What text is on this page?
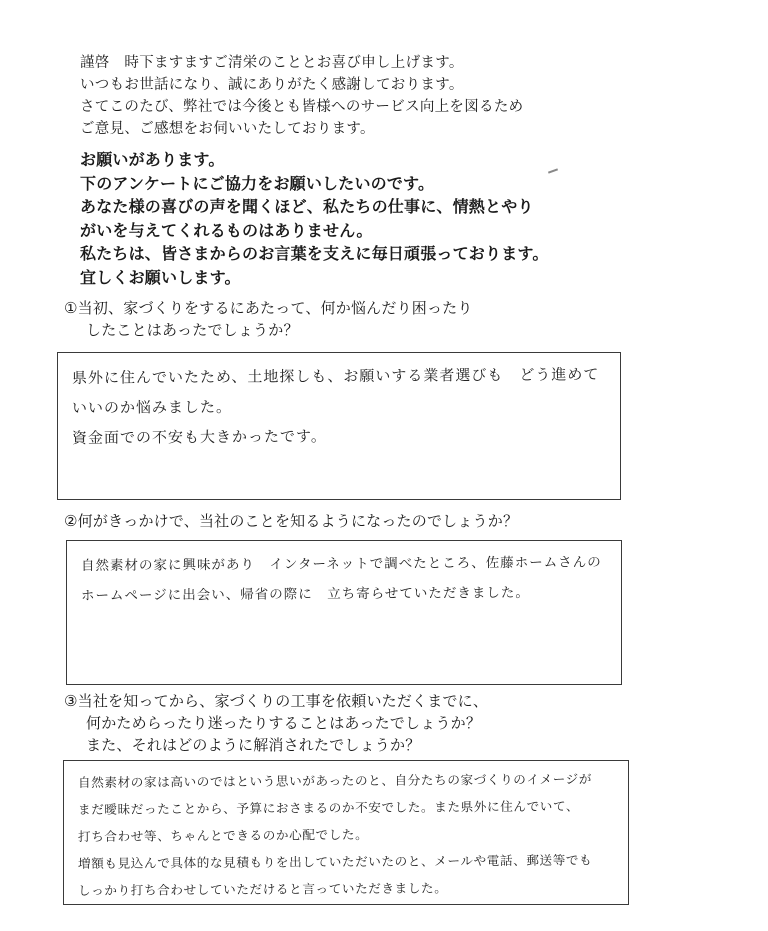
謹啓　時下ますますご清栄のこととお喜び申し上げます。

いつもお世話になり、誠にありがたく感謝しております。

さてこのたび、弊社では今後とも皆様へのサービス向上を図るため

ご意見、ご感想をお伺いいたしております。

お願いがあります。

下のアンケートにご協力をお願いしたいのです。

あなた様の喜びの声を聞くほど、私たちの仕事に、情熱とやり

がいを与えてくれるものはありません。

私たちは、皆さまからのお言葉を支えに毎日頑張っております。

宜しくお願いします。

①当初、家づくりをするにあたって、何か悩んだり困ったり

したことはあったでしょうか？

県外に住んでいたため、土地探しも、お願いする業者選びも　どう進めて

いいのか悩みました。

資金面での不安も大きかったです。

②何がきっかけで、当社のことを知るようになったのでしょうか？

自然素材の家に興味があり　インターネットで調べたところ、佐藤ホームさんの

ホームページに出会い、帰省の際に　立ち寄らせていただきました。

③当社を知ってから、家づくりの工事を依頼いただくまでに、

何かためらったり迷ったりすることはあったでしょうか？

また、それはどのように解消されたでしょうか？

自然素材の家は高いのではという思いがあったのと、自分たちの家づくりのイメージが

まだ曖昧だったことから、予算におさまるのか不安でした。また県外に住んでいて、

打ち合わせ等、ちゃんとできるのか心配でした。

増額も見込んで具体的な見積もりを出していただいたのと、メールや電話、郵送等でも

しっかり打ち合わせしていただけると言っていただきました。
